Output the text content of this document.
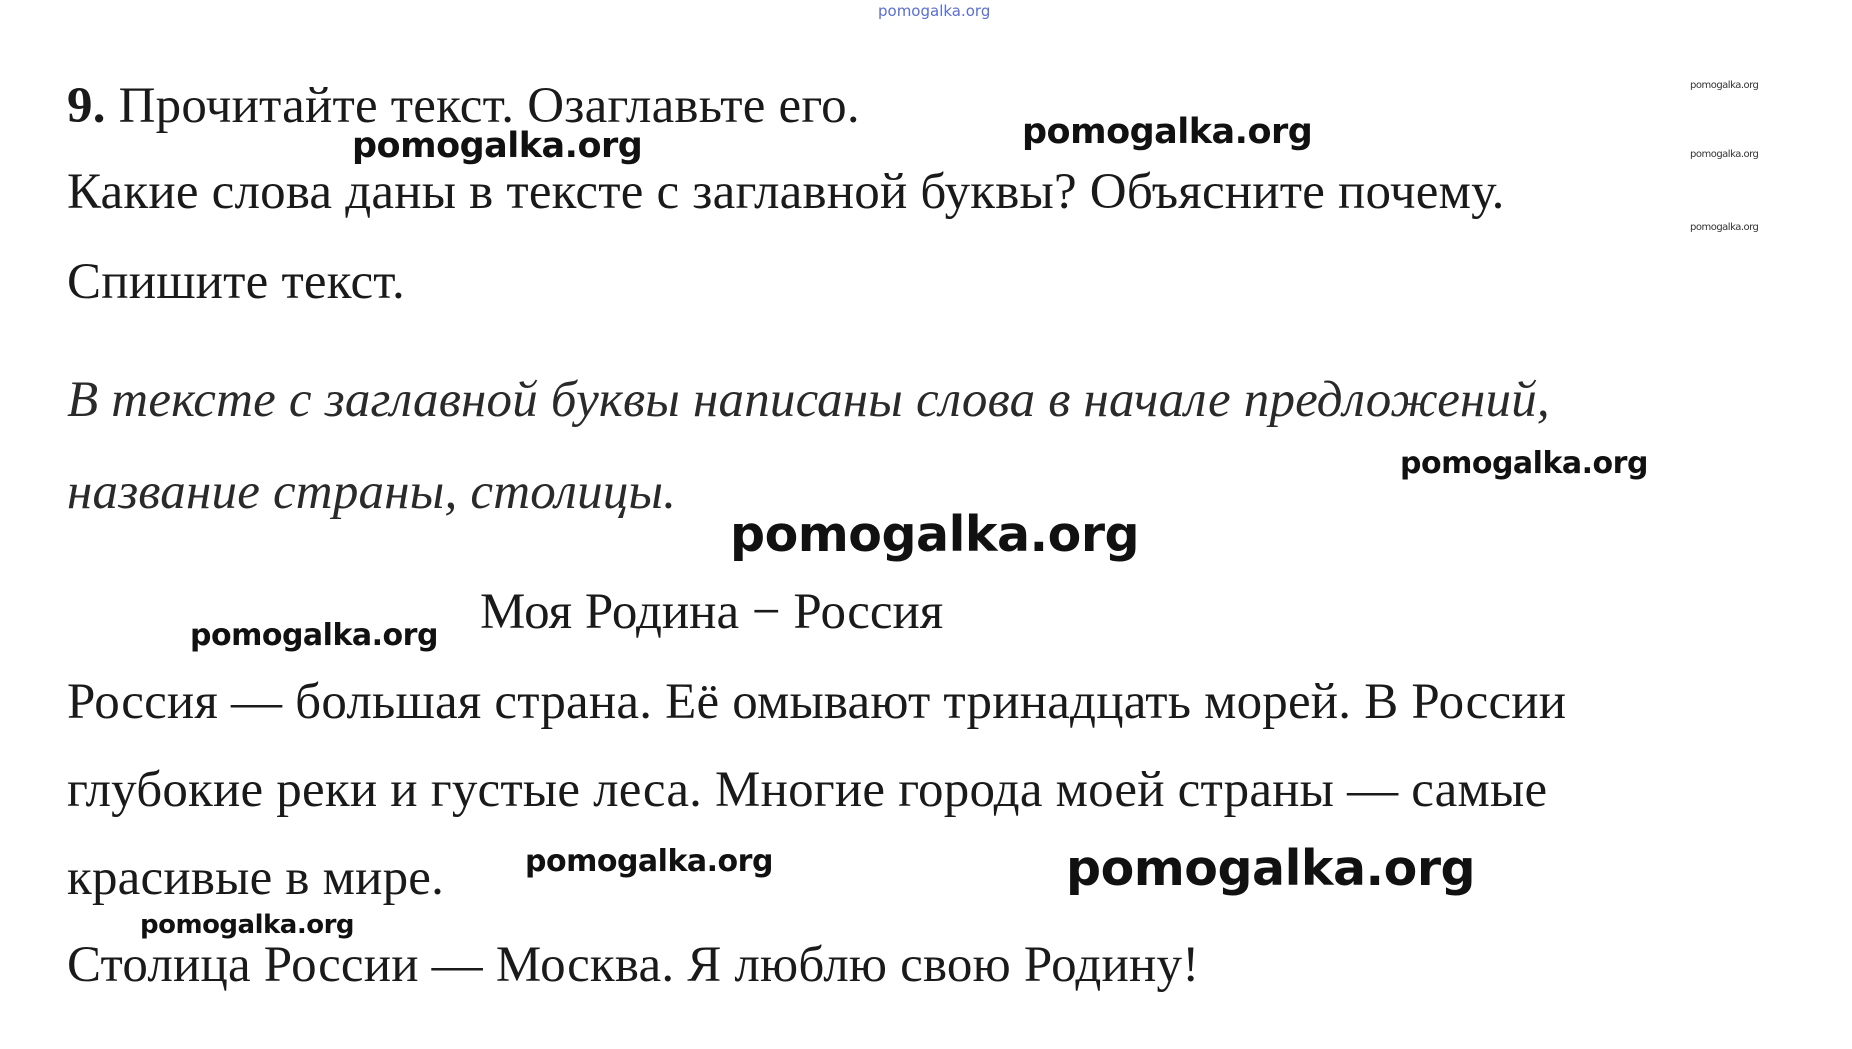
pomogalka.org
9. Прочитайте текст. Озаглавьте его.
Какие слова даны в тексте с заглавной буквы? Объясните почему.
Спишите текст.
В тексте с заглавной буквы написаны слова в начале предложений,
название страны, столицы.
Моя Родина − Россия
Россия — большая страна. Её омывают тринадцать морей. В России
глубокие реки и густые леса. Многие города моей страны — самые
красивые в мире.
Столица России — Москва. Я люблю свою Родину!
pomogalka.org	pomogalka.org
pomogalka.org
pomogalka.org
pomogalka.org
pomogalka.org	pomogalka.org
pomogalka.org
pomogalka.org
pomogalka.org
pomogalka.org
